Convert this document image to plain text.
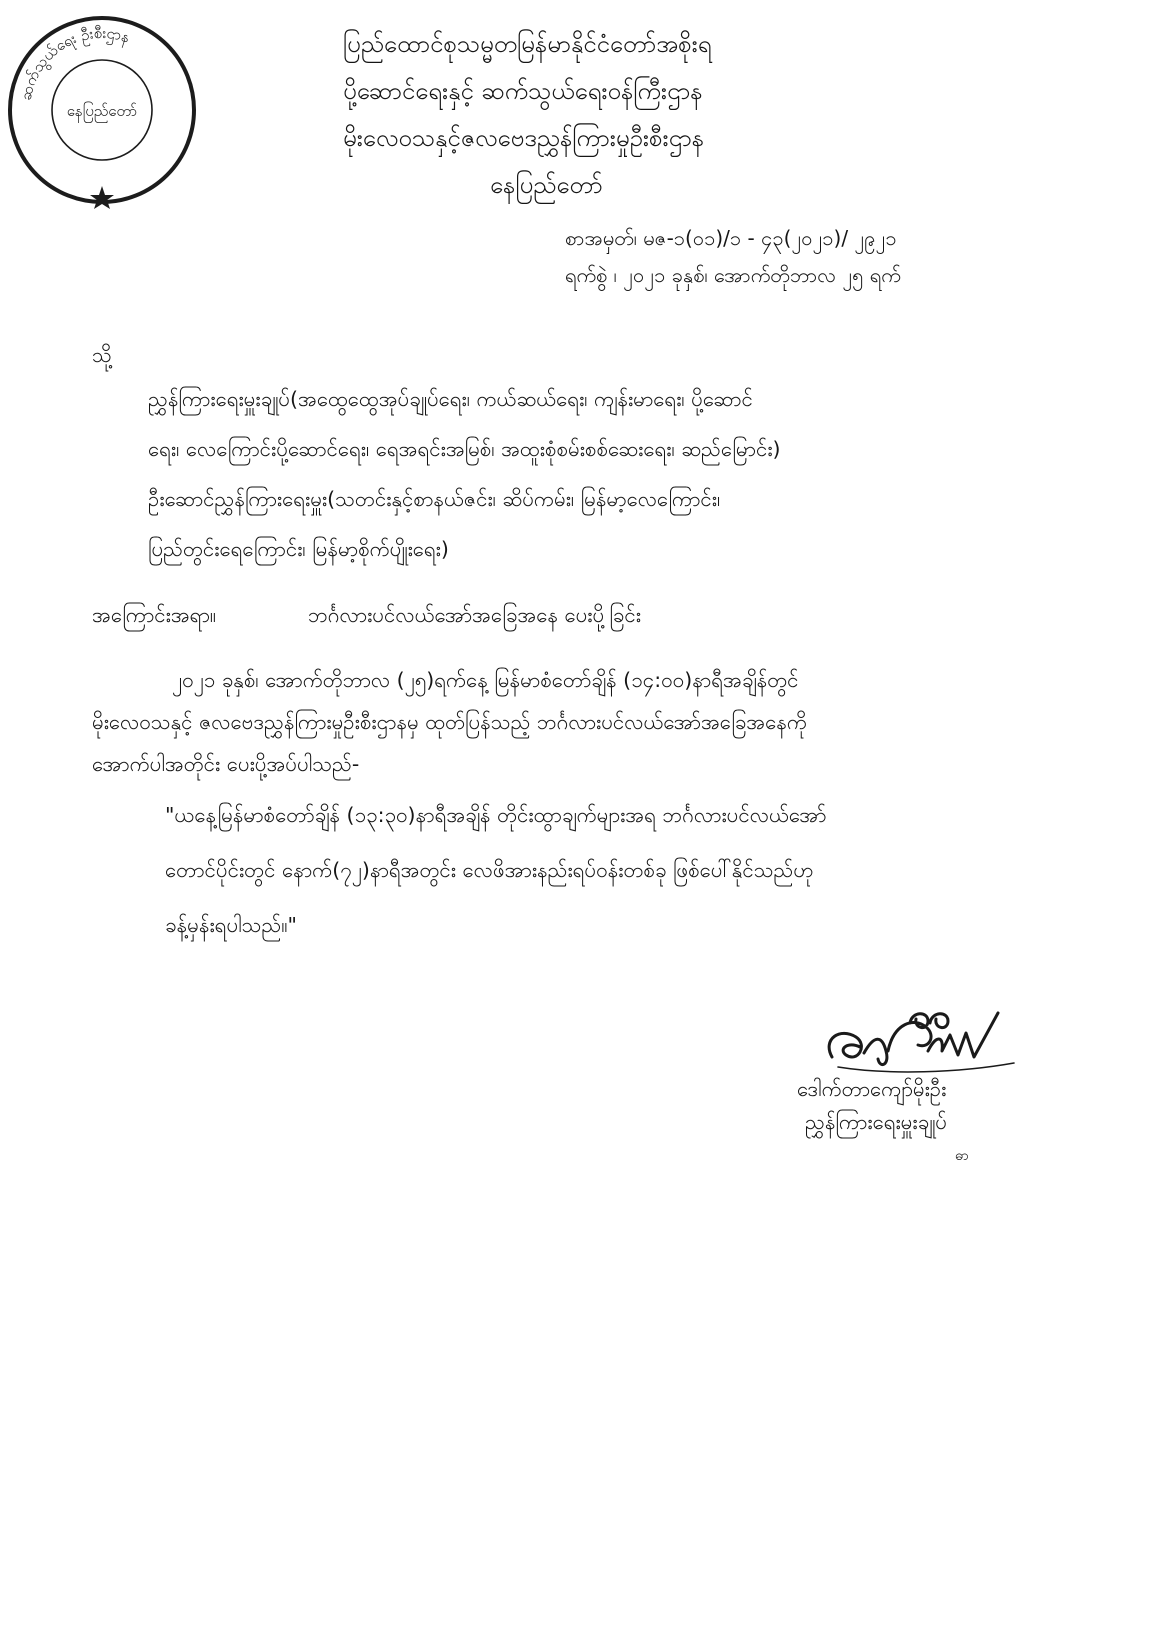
ဆက်သွယ်ရေး ဦးစီးဌာန
နေပြည်တော်
ပြည်ထောင်စုသမ္မတမြန်မာနိုင်ငံတော်အစိုးရ
ပို့ဆောင်ရေးနှင့် ဆက်သွယ်ရေးဝန်ကြီးဌာန
မိုးလေဝသနှင့်ဇလဗေဒညွှန်ကြားမှုဦးစီးဌာန
နေပြည်တော်
စာအမှတ်၊ မဇ-၁(၀၁)/၁ - ၄၃(၂၀၂၁)/ ၂၉၂၁
ရက်စွဲ ၊ ၂၀၂၁ ခုနှစ်၊ အောက်တိုဘာလ ၂၅ ရက်
သို့
ညွှန်ကြားရေးမှူးချုပ်(အထွေထွေအုပ်ချုပ်ရေး၊ ကယ်ဆယ်ရေး၊ ကျန်းမာရေး၊ ပို့ဆောင်
ရေး၊ လေကြောင်းပို့ဆောင်ရေး၊ ရေအရင်းအမြစ်၊ အထူးစုံစမ်းစစ်ဆေးရေး၊ ဆည်မြောင်း)
ဦးဆောင်ညွှန်ကြားရေးမှူး(သတင်းနှင့်စာနယ်ဇင်း၊ ဆိပ်ကမ်း၊ မြန်မာ့လေကြောင်း၊
ပြည်တွင်းရေကြောင်း၊ မြန်မာ့စိုက်ပျိုးရေး)
အကြောင်းအရာ။	ဘင်္ဂလားပင်လယ်အော်အခြေအနေ ပေးပို့ခြင်း
၂၀၂၁ ခုနှစ်၊ အောက်တိုဘာလ (၂၅)ရက်နေ့ မြန်မာစံတော်ချိန် (၁၄:၀၀)နာရီအချိန်တွင်
မိုးလေဝသနှင့် ဇလဗေဒညွှန်ကြားမှုဦးစီးဌာနမှ ထုတ်ပြန်သည့် ဘင်္ဂလားပင်လယ်အော်အခြေအနေကို
အောက်ပါအတိုင်း ပေးပို့အပ်ပါသည်-
"ယနေ့မြန်မာစံတော်ချိန် (၁၃:၃၀)နာရီအချိန် တိုင်းထွာချက်များအရ ဘင်္ဂလားပင်လယ်အော်
တောင်ပိုင်းတွင် နောက်(၇၂)နာရီအတွင်း လေဖိအားနည်းရပ်ဝန်းတစ်ခု ဖြစ်ပေါ်နိုင်သည်ဟု
ခန့်မှန်းရပါသည်။"
ဒေါက်တာကျော်မိုးဦး
ညွှန်ကြားရေးမှူးချုပ်
ဓာ
